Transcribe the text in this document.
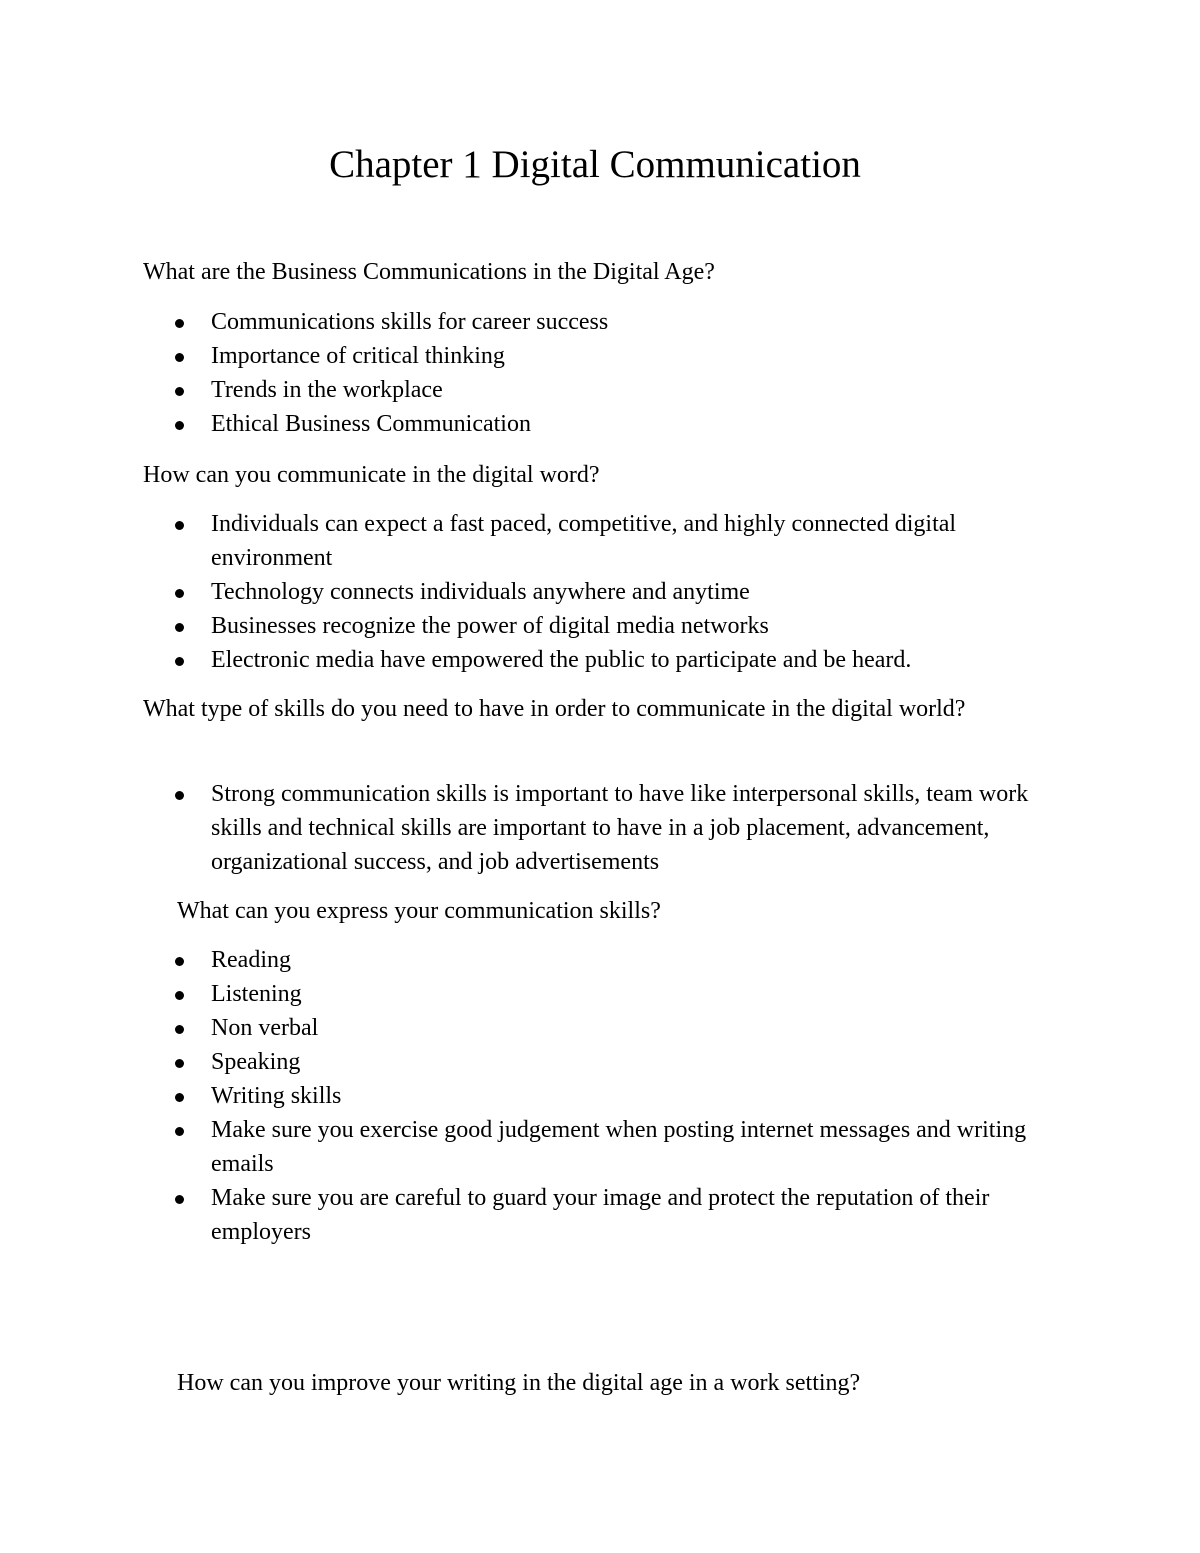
Chapter 1 Digital Communication

What are the Business Communications in the Digital Age?

Communications skills for career success
Importance of critical thinking
Trends in the workplace
Ethical Business Communication

How can you communicate in the digital word?

Individuals can expect a fast paced, competitive, and highly connected digital environment
Technology connects individuals anywhere and anytime
Businesses recognize the power of digital media networks
Electronic media have empowered the public to participate and be heard.

What type of skills do you need to have in order to communicate in the digital world?

Strong communication skills is important to have like interpersonal skills, team work skills and technical skills are important to have in a job placement, advancement, organizational success, and job advertisements

What can you express your communication skills?

Reading
Listening
Non verbal
Speaking
Writing skills
Make sure you exercise good judgement when posting internet messages and writing emails
Make sure you are careful to guard your image and protect the reputation of their employers

How can you improve your writing in the digital age in a work setting?
